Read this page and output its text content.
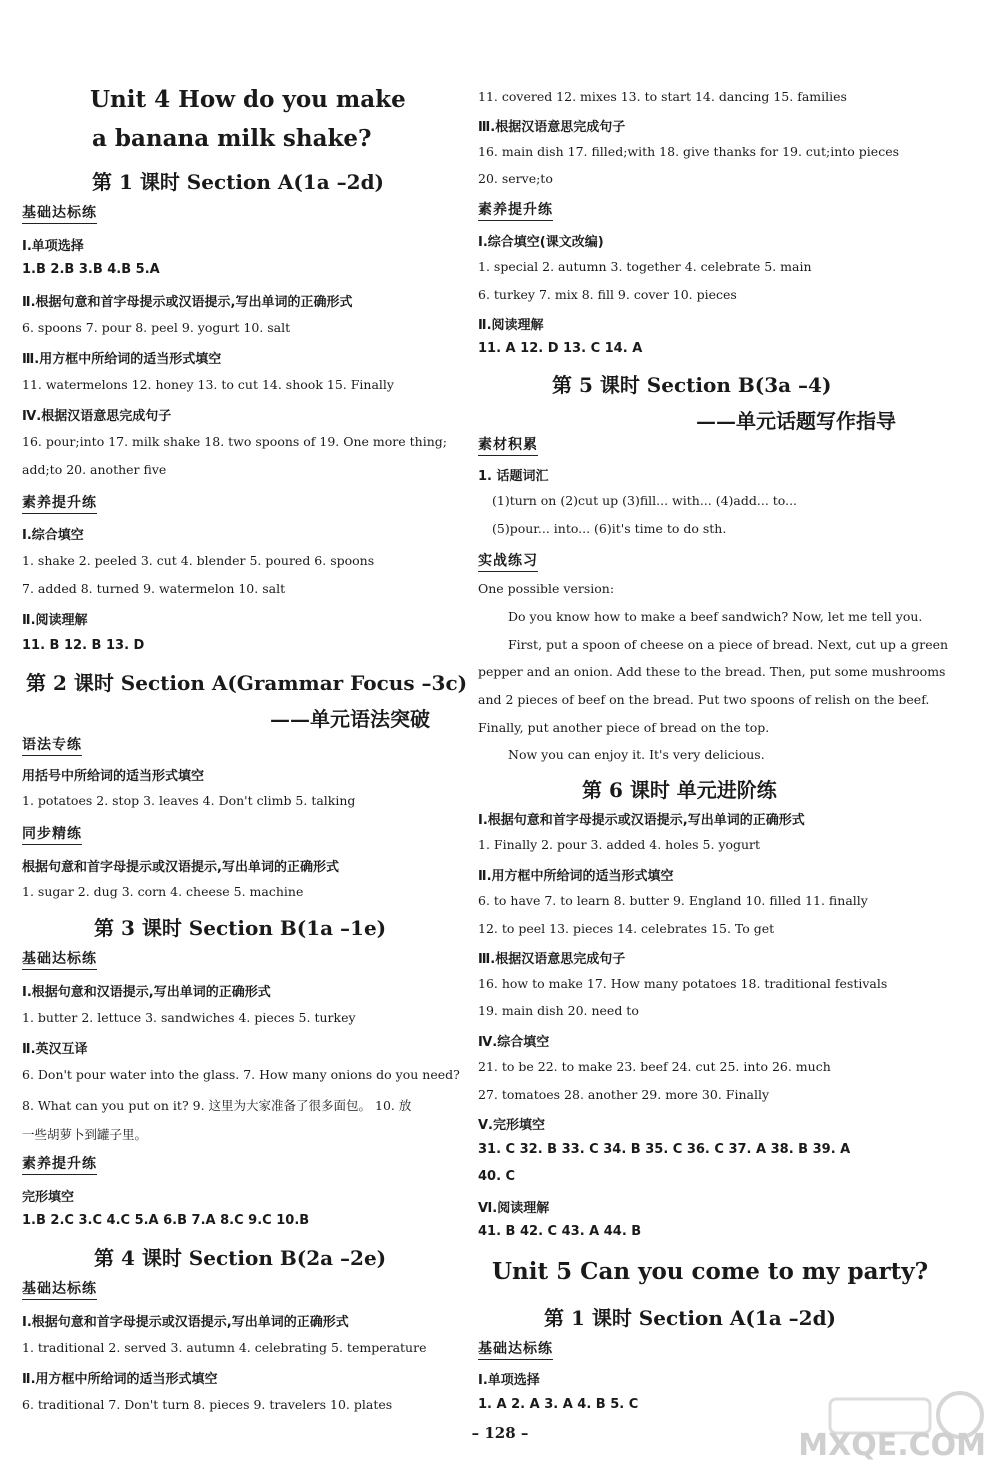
Unit 4 How do you make
a banana milk shake?
第 1 课时 Section A(1a –2d)
基础达标练
Ⅰ.单项选择
1.B 2.B 3.B 4.B 5.A
Ⅱ.根据句意和首字母提示或汉语提示,写出单词的正确形式
6. spoons 7. pour 8. peel 9. yogurt 10. salt
Ⅲ.用方框中所给词的适当形式填空
11. watermelons 12. honey 13. to cut 14. shook 15. Finally
Ⅳ.根据汉语意思完成句子
16. pour;into 17. milk shake 18. two spoons of 19. One more thing;
add;to 20. another five
素养提升练
Ⅰ.综合填空
1. shake 2. peeled 3. cut 4. blender 5. poured 6. spoons
7. added 8. turned 9. watermelon 10. salt
Ⅱ.阅读理解
11. B 12. B 13. D
第 2 课时 Section A(Grammar Focus –3c)
——单元语法突破
语法专练
用括号中所给词的适当形式填空
1. potatoes 2. stop 3. leaves 4. Don't climb 5. talking
同步精练
根据句意和首字母提示或汉语提示,写出单词的正确形式
1. sugar 2. dug 3. corn 4. cheese 5. machine
第 3 课时 Section B(1a –1e)
基础达标练
Ⅰ.根据句意和汉语提示,写出单词的正确形式
1. butter 2. lettuce 3. sandwiches 4. pieces 5. turkey
Ⅱ.英汉互译
6. Don't pour water into the glass. 7. How many onions do you need?
8. What can you put on it? 9. 这里为大家准备了很多面包。 10. 放
一些胡萝卜到罐子里。
素养提升练
完形填空
1.B 2.C 3.C 4.C 5.A 6.B 7.A 8.C 9.C 10.B
第 4 课时 Section B(2a –2e)
基础达标练
Ⅰ.根据句意和首字母提示或汉语提示,写出单词的正确形式
1. traditional 2. served 3. autumn 4. celebrating 5. temperature
Ⅱ.用方框中所给词的适当形式填空
6. traditional 7. Don't turn 8. pieces 9. travelers 10. plates
11. covered 12. mixes 13. to start 14. dancing 15. families
Ⅲ.根据汉语意思完成句子
16. main dish 17. filled;with 18. give thanks for 19. cut;into pieces
20. serve;to
素养提升练
Ⅰ.综合填空(课文改编)
1. special 2. autumn 3. together 4. celebrate 5. main
6. turkey 7. mix 8. fill 9. cover 10. pieces
Ⅱ.阅读理解
11. A 12. D 13. C 14. A
第 5 课时 Section B(3a –4)
——单元话题写作指导
素材积累
1. 话题词汇
(1)turn on (2)cut up (3)fill... with... (4)add... to...
(5)pour... into... (6)it's time to do sth.
实战练习
One possible version:
Do you know how to make a beef sandwich? Now, let me tell you.
First, put a spoon of cheese on a piece of bread. Next, cut up a green
pepper and an onion. Add these to the bread. Then, put some mushrooms
and 2 pieces of beef on the bread. Put two spoons of relish on the beef.
Finally, put another piece of bread on the top.
Now you can enjoy it. It's very delicious.
第 6 课时 单元进阶练
Ⅰ.根据句意和首字母提示或汉语提示,写出单词的正确形式
1. Finally 2. pour 3. added 4. holes 5. yogurt
Ⅱ.用方框中所给词的适当形式填空
6. to have 7. to learn 8. butter 9. England 10. filled 11. finally
12. to peel 13. pieces 14. celebrates 15. To get
Ⅲ.根据汉语意思完成句子
16. how to make 17. How many potatoes 18. traditional festivals
19. main dish 20. need to
Ⅳ.综合填空
21. to be 22. to make 23. beef 24. cut 25. into 26. much
27. tomatoes 28. another 29. more 30. Finally
Ⅴ.完形填空
31. C 32. B 33. C 34. B 35. C 36. C 37. A 38. B 39. A
40. C
Ⅵ.阅读理解
41. B 42. C 43. A 44. B
Unit 5 Can you come to my party?
第 1 课时 Section A(1a –2d)
基础达标练
Ⅰ.单项选择
1. A 2. A 3. A 4. B 5. C
– 128 –	MXQE.COM
